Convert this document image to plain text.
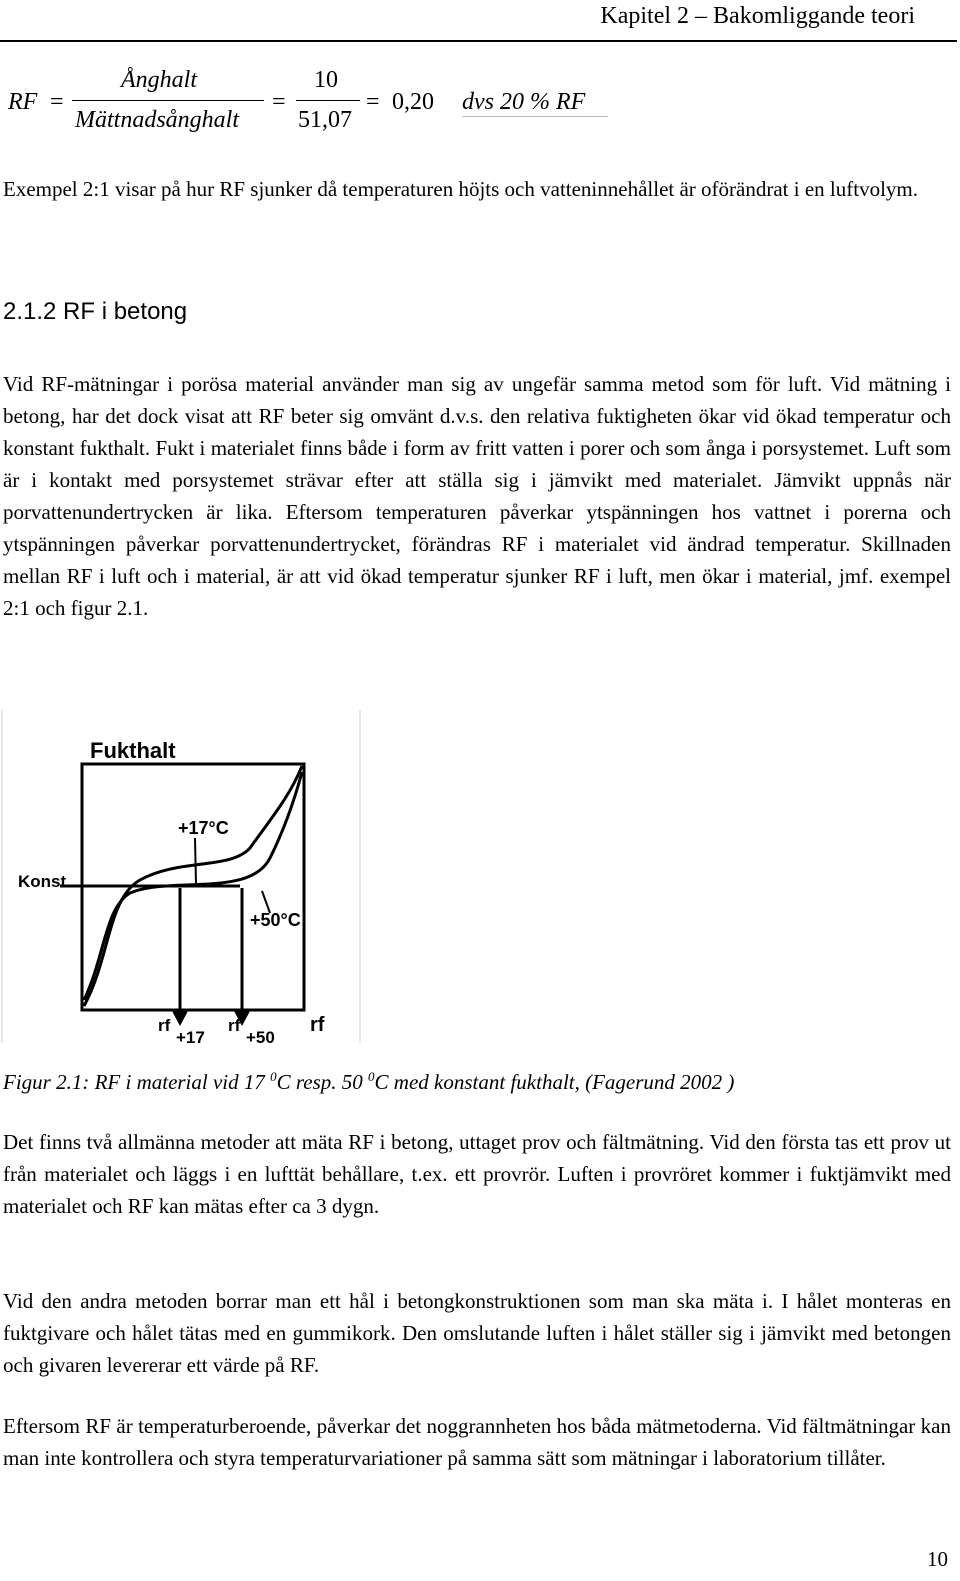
Kapitel 2 – Bakomliggande teori
RF =
Ånghalt
Mättnadsånghalt
=
10
51,07
= 0,20 dvs 20 % RF

Exempel 2:1 visar på hur RF sjunker då temperaturen höjts och vatteninnehållet är oförändrat i en luftvolym.

2.1.2 RF i betong

Vid RF-mätningar i porösa material använder man sig av ungefär samma metod som för luft. Vid mätning i betong, har det dock visat att RF beter sig omvänt d.v.s. den relativa fuktigheten ökar vid ökad temperatur och konstant fukthalt. Fukt i materialet finns både i form av fritt vatten i porer och som ånga i porsystemet. Luft som är i kontakt med porsystemet strävar efter att ställa sig i jämvikt med materialet. Jämvikt uppnås när porvattenundertrycken är lika. Eftersom temperaturen påverkar ytspänningen hos vattnet i porerna och ytspänningen påverkar porvattenundertrycket, förändras RF i materialet vid ändrad temperatur. Skillnaden mellan RF i luft och i material, är att vid ökad temperatur sjunker RF i luft, men ökar i material, jmf. exempel 2:1 och figur 2.1.

Fukthalt
+17°C
Konst
+50°C
rf
+17
rf
+50
rf
Figur 2.1: RF i material vid 17 $^0$C resp. 50 $^0$C med konstant fukthalt, (Fagerund 2002 )

Det finns två allmänna metoder att mäta RF i betong, uttaget prov och fältmätning. Vid den första tas ett prov ut från materialet och läggs i en lufttät behållare, t.ex. ett provrör. Luften i provröret kommer i fuktjämvikt med materialet och RF kan mätas efter ca 3 dygn.

Vid den andra metoden borrar man ett hål i betongkonstruktionen som man ska mäta i. I hålet monteras en fuktgivare och hålet tätas med en gummikork. Den omslutande luften i hålet ställer sig i jämvikt med betongen och givaren levererar ett värde på RF.

Eftersom RF är temperaturberoende, påverkar det noggrannheten hos båda mätmetoderna. Vid fältmätningar kan man inte kontrollera och styra temperaturvariationer på samma sätt som mätningar i laboratorium tillåter.

10
